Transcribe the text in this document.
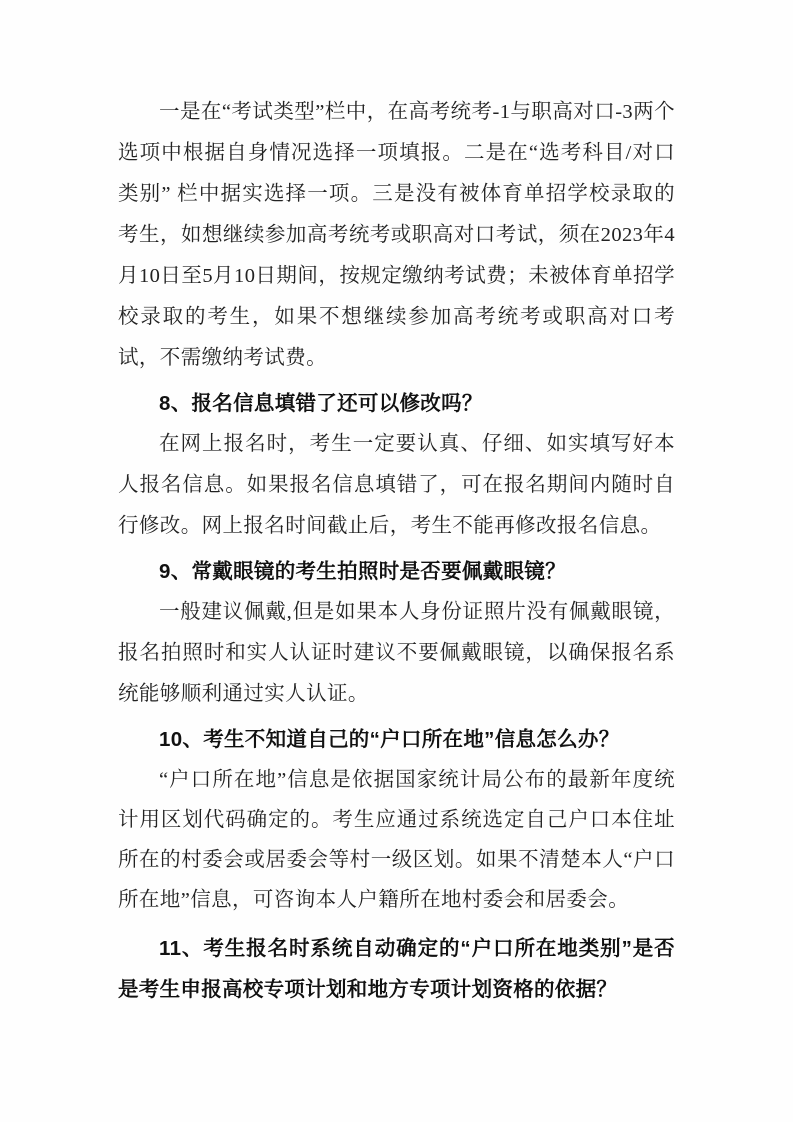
一是在“考试类型”栏中，在高考统考-1与职高对口-3两个选项中根据自身情况选择一项填报。二是在“选考科目/对口类别” 栏中据实选择一项。三是没有被体育单招学校录取的考生，如想继续参加高考统考或职高对口考试，须在2023年4月10日至5月10日期间，按规定缴纳考试费；未被体育单招学校录取的考生，如果不想继续参加高考统考或职高对口考试，不需缴纳考试费。

8、报名信息填错了还可以修改吗？

在网上报名时，考生一定要认真、仔细、如实填写好本人报名信息。如果报名信息填错了，可在报名期间内随时自行修改。网上报名时间截止后，考生不能再修改报名信息。

9、常戴眼镜的考生拍照时是否要佩戴眼镜？

一般建议佩戴,但是如果本人身份证照片没有佩戴眼镜，报名拍照时和实人认证时建议不要佩戴眼镜，以确保报名系统能够顺利通过实人认证。

10、考生不知道自己的“户口所在地”信息怎么办？

“户口所在地”信息是依据国家统计局公布的最新年度统计用区划代码确定的。考生应通过系统选定自己户口本住址所在的村委会或居委会等村一级区划。如果不清楚本人“户口所在地”信息，可咨询本人户籍所在地村委会和居委会。

11、考生报名时系统自动确定的“户口所在地类别”是否是考生申报高校专项计划和地方专项计划资格的依据？
